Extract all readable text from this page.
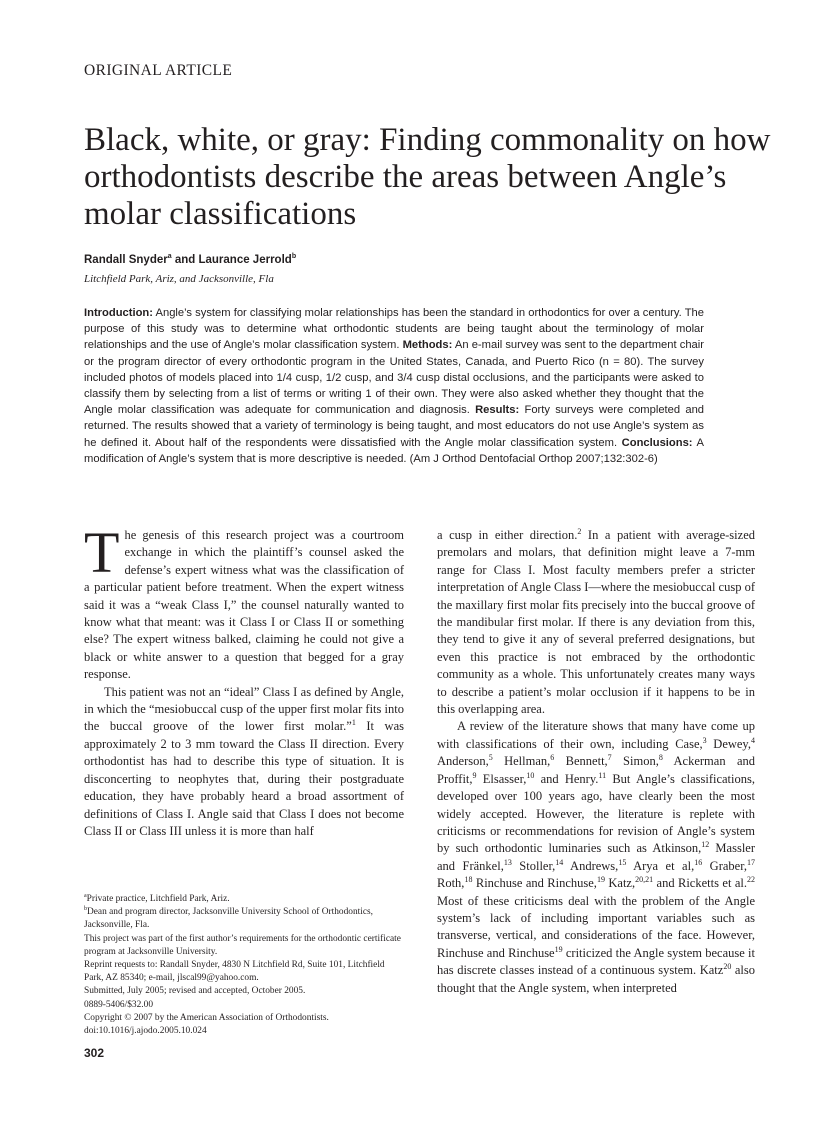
ORIGINAL ARTICLE
Black, white, or gray: Finding commonality on how orthodontists describe the areas between Angle’s molar classifications
Randall Snyder$^a$ and Laurance Jerrold$^b$
Litchfield Park, Ariz, and Jacksonville, Fla
Introduction: Angle’s system for classifying molar relationships has been the standard in orthodontics for over a century. The purpose of this study was to determine what orthodontic students are being taught about the terminology of molar relationships and the use of Angle’s molar classification system. Methods: An e-mail survey was sent to the department chair or the program director of every orthodontic program in the United States, Canada, and Puerto Rico (n = 80). The survey included photos of models placed into 1/4 cusp, 1/2 cusp, and 3/4 cusp distal occlusions, and the participants were asked to classify them by selecting from a list of terms or writing 1 of their own. They were also asked whether they thought that the Angle molar classification was adequate for communication and diagnosis. Results: Forty surveys were completed and returned. The results showed that a variety of terminology is being taught, and most educators do not use Angle’s system as he defined it. About half of the respondents were dissatisfied with the Angle molar classification system. Conclusions: A modification of Angle’s system that is more descriptive is needed. (Am J Orthod Dentofacial Orthop 2007;132:302-6)

The genesis of this research project was a courtroom exchange in which the plaintiff’s counsel asked the defense’s expert witness what was the classification of a particular patient before treatment. When the expert witness said it was a “weak Class I,” the counsel naturally wanted to know what that meant: was it Class I or Class II or something else? The expert witness balked, claiming he could not give a black or white answer to a question that begged for a gray response.

This patient was not an “ideal” Class I as defined by Angle, in which the “mesiobuccal cusp of the upper first molar fits into the buccal groove of the lower first molar.”$^1$ It was approximately 2 to 3 mm toward the Class II direction. Every orthodontist has had to describe this type of situation. It is disconcerting to neophytes that, during their postgraduate education, they have probably heard a broad assortment of definitions of Class I. Angle said that Class I does not become Class II or Class III unless it is more than half

a cusp in either direction.$^2$ In a patient with average-sized premolars and molars, that definition might leave a 7-mm range for Class I. Most faculty members prefer a stricter interpretation of Angle Class I—where the mesiobuccal cusp of the maxillary first molar fits precisely into the buccal groove of the mandibular first molar. If there is any deviation from this, they tend to give it any of several preferred designations, but even this practice is not embraced by the orthodontic community as a whole. This unfortunately creates many ways to describe a patient’s molar occlusion if it happens to be in this overlapping area.

A review of the literature shows that many have come up with classifications of their own, including Case,$^3$ Dewey,$^4$ Anderson,$^5$ Hellman,$^6$ Bennett,$^7$ Simon,$^8$ Ackerman and Proffit,$^9$ Elsasser,$^{10}$ and Henry.$^{11}$ But Angle’s classifications, developed over 100 years ago, have clearly been the most widely accepted. However, the literature is replete with criticisms or recommendations for revision of Angle’s system by such orthodontic luminaries such as Atkinson,$^{12}$ Massler and Fränkel,$^{13}$ Stoller,$^{14}$ Andrews,$^{15}$ Arya et al,$^{16}$ Graber,$^{17}$ Roth,$^{18}$ Rinchuse and Rinchuse,$^{19}$ Katz,$^{20,21}$ and Ricketts et al.$^{22}$ Most of these criticisms deal with the problem of the Angle system’s lack of including important variables such as transverse, vertical, and considerations of the face. However, Rinchuse and Rinchuse$^{19}$ criticized the Angle system because it has discrete classes instead of a continuous system. Katz$^{20}$ also thought that the Angle system, when interpreted

$^a$Private practice, Litchfield Park, Ariz.
$^b$Dean and program director, Jacksonville University School of Orthodontics, Jacksonville, Fla.
This project was part of the first author’s requirements for the orthodontic certificate program at Jacksonville University.
Reprint requests to: Randall Snyder, 4830 N Litchfield Rd, Suite 101, Litchfield Park, AZ 85340; e-mail, jlscal99@yahoo.com.
Submitted, July 2005; revised and accepted, October 2005.
0889-5406/$32.00
Copyright © 2007 by the American Association of Orthodontists.
doi:10.1016/j.ajodo.2005.10.024
302
